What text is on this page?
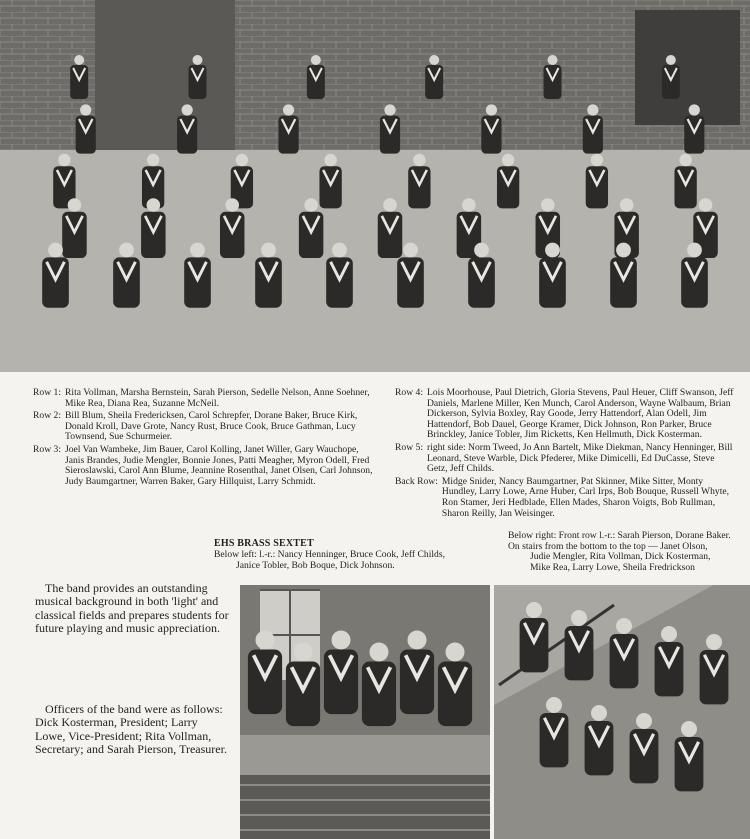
Row 1: Rita Vollman, Marsha Bernstein, Sarah Pierson, Sedelle Nelson, Anne Soehner, Mike Rea, Diana Rea, Suzanne McNeil.
Row 2: Bill Blum, Sheila Fredericksen, Carol Schrepfer, Dorane Baker, Bruce Kirk, Donald Kroll, Dave Grote, Nancy Rust, Bruce Cook, Bruce Gathman, Lucy Townsend, Sue Schurmeier.
Row 3: Joel Van Wambeke, Jim Bauer, Carol Kolling, Janet Willer, Gary Wauchope, Janis Brandes, Judie Mengler, Bonnie Jones, Patti Meagher, Myron Odell, Fred Sieroslawski, Carol Ann Blume, Jeannine Rosenthal, Janet Olsen, Carl Johnson, Judy Baumgartner, Warren Baker, Gary Hillquist, Larry Schmidt.
Row 4: Lois Moorhouse, Paul Dietrich, Gloria Stevens, Paul Heuer, Cliff Swanson, Jeff Daniels, Marlene Miller, Ken Munch, Carol Anderson, Wayne Walbaum, Brian Dickerson, Sylvia Boxley, Ray Goode, Jerry Hattendorf, Alan Odell, Jim Hattendorf, Bob Dauel, George Kramer, Dick Johnson, Ron Parker, Bruce Brinckley, Janice Tobler, Jim Ricketts, Ken Hellmuth, Dick Kosterman.
Row 5: right side: Norm Tweed, Jo Ann Bartelt, Mike Diekman, Nancy Henninger, Bill Leonard, Steve Warble, Dick Pfederer, Mike Dimicelli, Ed DuCasse, Steve Getz, Jeff Childs.
Back Row: Midge Snider, Nancy Baumgartner, Pat Skinner, Mike Sitter, Monty Hundley, Larry Lowe, Arne Huber, Carl Irps, Bob Bouque, Russell Whyte, Ron Stamer, Jeri Hedblade, Ellen Mades, Sharon Voigts, Bob Rullman, Sharon Reilly, Jan Weisinger.
EHS BRASS SEXTET
Below left: l.-r.: Nancy Henninger, Bruce Cook, Jeff Childs,
Janice Tobler, Bob Boque, Dick Johnson.
Below right: Front row l.-r.: Sarah Pierson, Dorane Baker.
On stairs from the bottom to the top — Janet Olson,
Judie Mengler, Rita Vollman, Dick Kosterman,
Mike Rea, Larry Lowe, Sheila Fredrickson
The band provides an outstanding musical background in both 'light' and classical fields and prepares students for future playing and music appreciation.
Officers of the band were as follows: Dick Kosterman, President; Larry Lowe, Vice-President; Rita Vollman, Secretary; and Sarah Pierson, Treasurer.
